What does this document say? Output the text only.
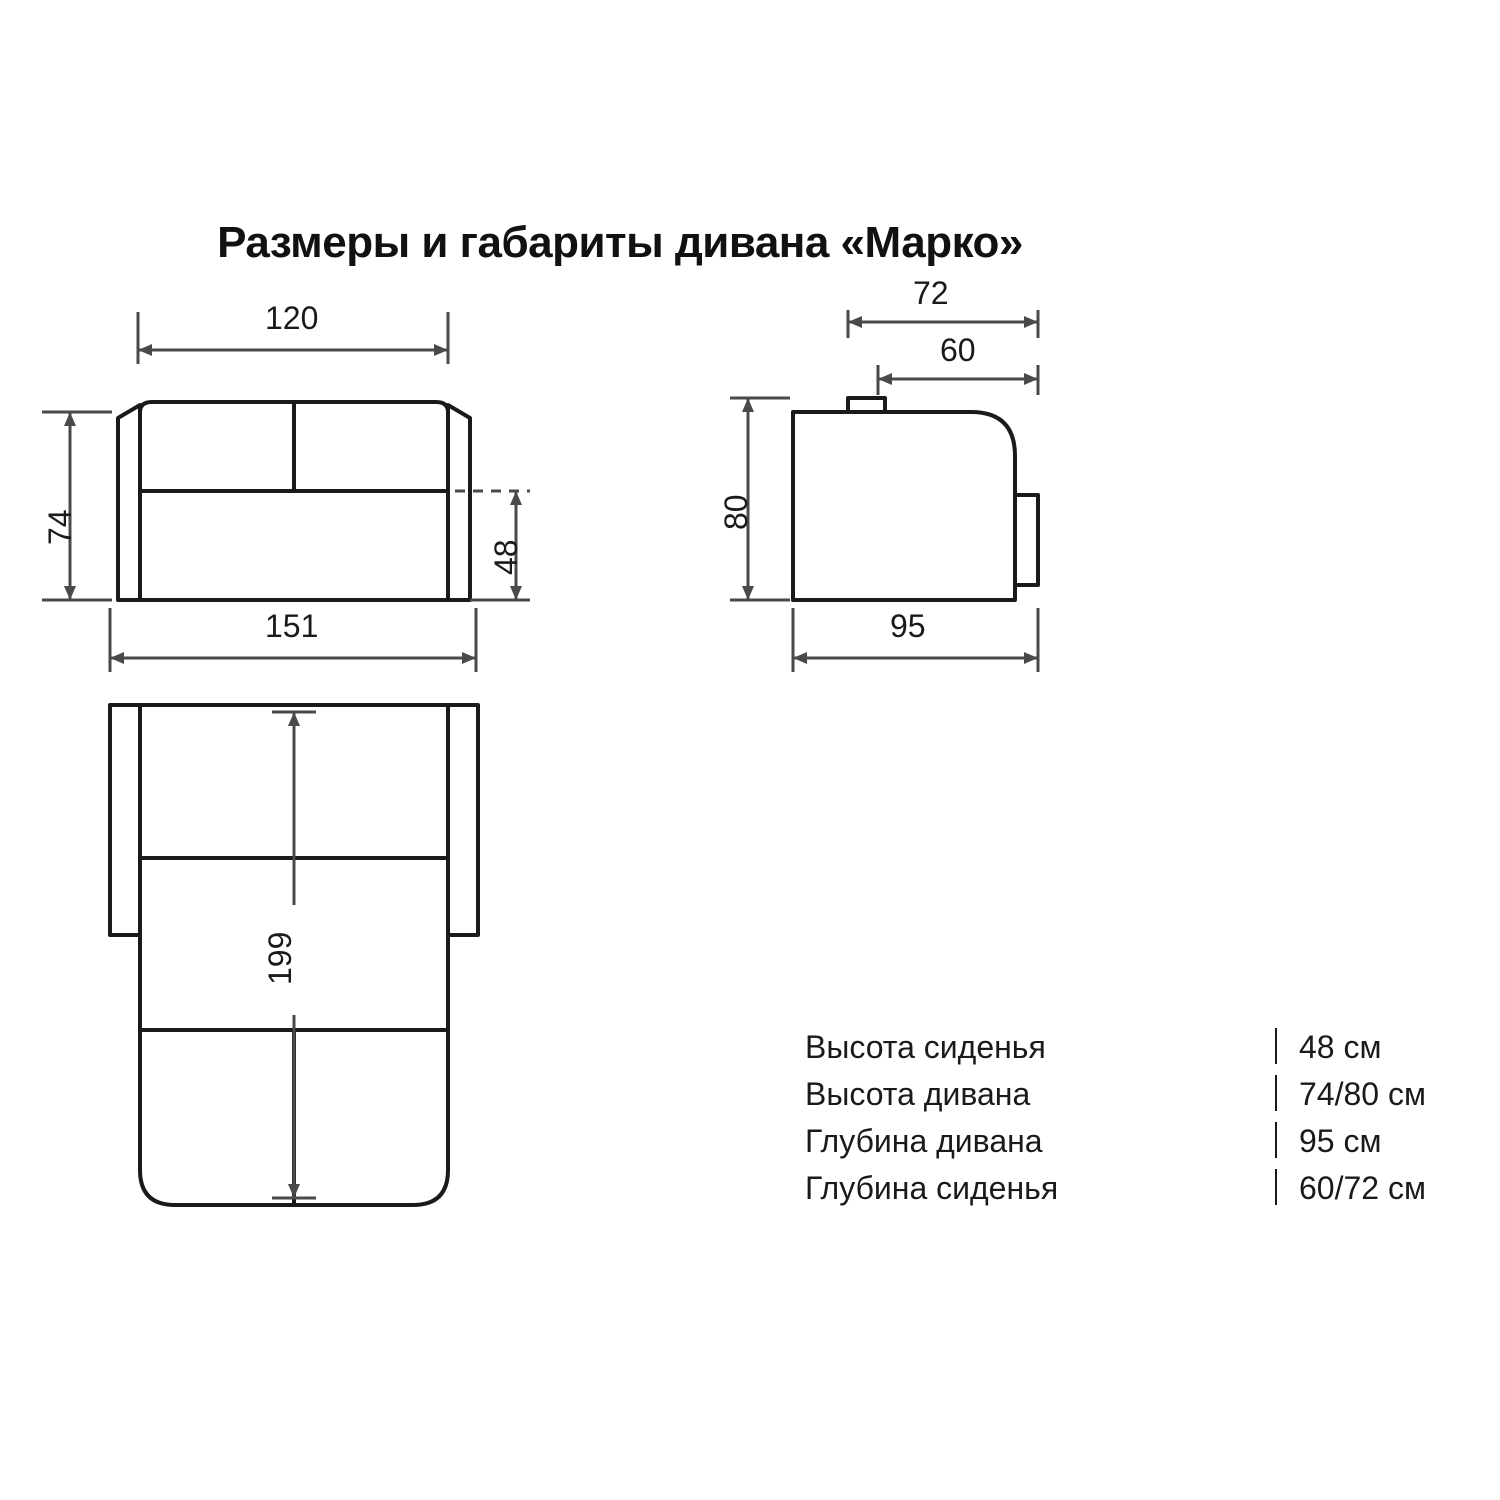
Размеры и габариты дивана «Марко»
120
74
48
151
72
60
80
95
199
Высота сиденья	48 см
Высота дивана	74/80 см
Глубина дивана	95 см
Глубина сиденья	60/72 см
